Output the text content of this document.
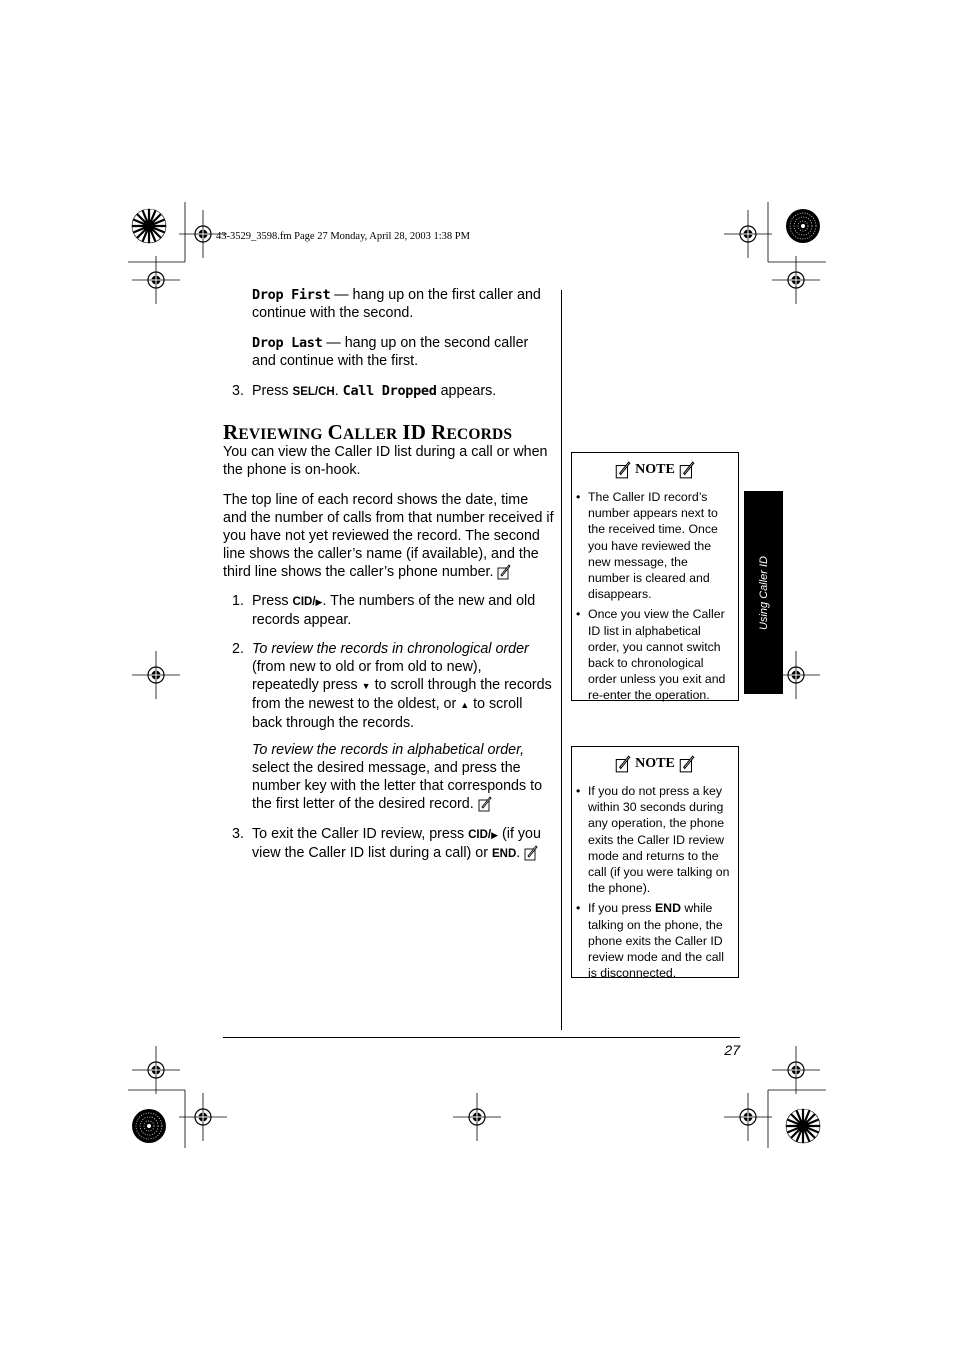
43-3529_3598.fm Page 27 Monday, April 28, 2003 1:38 PM
Drop First — hang up on the first caller and continue with the second.
Drop Last — hang up on the second caller and continue with the first.
3. Press SEL/CH. Call Dropped appears.
REVIEWING CALLER ID RECORDS
You can view the Caller ID list during a call or when the phone is on-hook.
The top line of each record shows the date, time and the number of calls from that number received if you have not yet reviewed the record. The second line shows the caller’s name (if available), and the third line shows the caller’s phone number.
1. Press CID/▶. The numbers of the new and old records appear.
2. To review the records in chronological order (from new to old or from old to new), repeatedly press ▼ to scroll through the records from the newest to the oldest, or ▲ to scroll back through the records.
To review the records in alphabetical order, select the desired message, and press the number key with the letter that corresponds to the first letter of the desired record.
3. To exit the Caller ID review, press CID/▶ (if you view the Caller ID list during a call) or END.
NOTE
• The Caller ID record’s number appears next to the received time. Once you have reviewed the new message, the number is cleared and disappears.
• Once you view the Caller ID list in alphabetical order, you cannot switch back to chronological order unless you exit and re-enter the operation.
NOTE
• If you do not press a key within 30 seconds during any operation, the phone exits the Caller ID review mode and returns to the call (if you were talking on the phone).
• If you press END while talking on the phone, the phone exits the Caller ID review mode and the call is disconnected.
Using Caller ID
27
